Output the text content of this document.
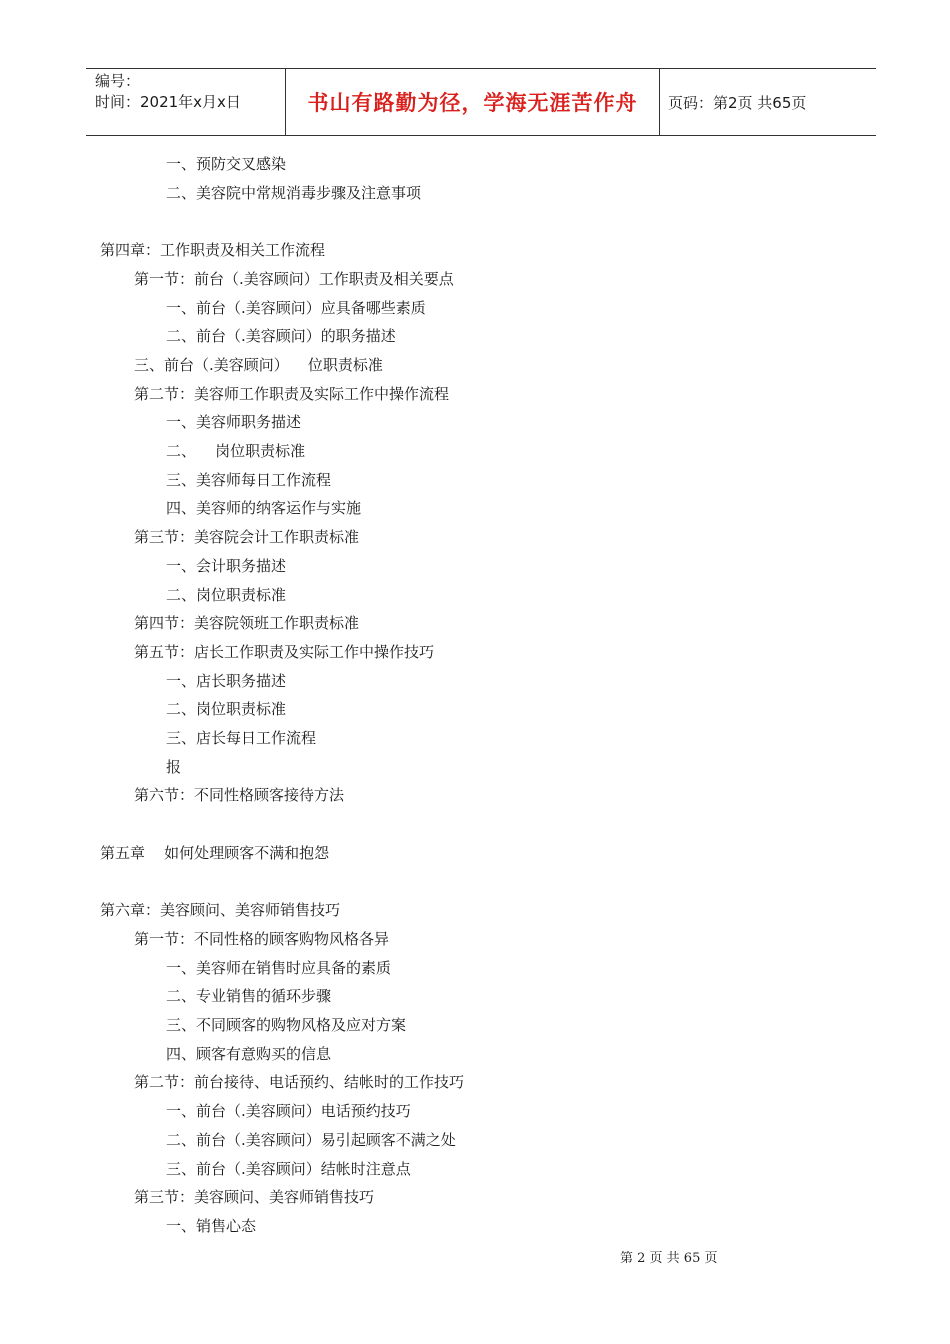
编号：
时间：2021年x月x日	书山有路勤为径，学海无涯苦作舟	页码：第2页 共65页
一、预防交叉感染
二、美容院中常规消毒步骤及注意事项
第四章：工作职责及相关工作流程
第一节：前台（.美容顾问）工作职责及相关要点
一、前台（.美容顾问）应具备哪些素质
二、前台（.美容顾问）的职务描述
三、前台（.美容顾问）    位职责标准
第二节：美容师工作职责及实际工作中操作流程
一、美容师职务描述
二、    岗位职责标准
三、美容师每日工作流程
四、美容师的纳客运作与实施
第三节：美容院会计工作职责标准
一、会计职务描述
二、岗位职责标准
第四节：美容院领班工作职责标准
第五节：店长工作职责及实际工作中操作技巧
一、店长职务描述
二、岗位职责标准
三、店长每日工作流程
报
第六节：不同性格顾客接待方法
第五章    如何处理顾客不满和抱怨
第六章：美容顾问、美容师销售技巧
第一节：不同性格的顾客购物风格各异
一、美容师在销售时应具备的素质
二、专业销售的循环步骤
三、不同顾客的购物风格及应对方案
四、顾客有意购买的信息
第二节：前台接待、电话预约、结帐时的工作技巧
一、前台（.美容顾问）电话预约技巧
二、前台（.美容顾问）易引起顾客不满之处
三、前台（.美容顾问）结帐时注意点
第三节：美容顾问、美容师销售技巧
一、销售心态
第 2 页 共 65 页
